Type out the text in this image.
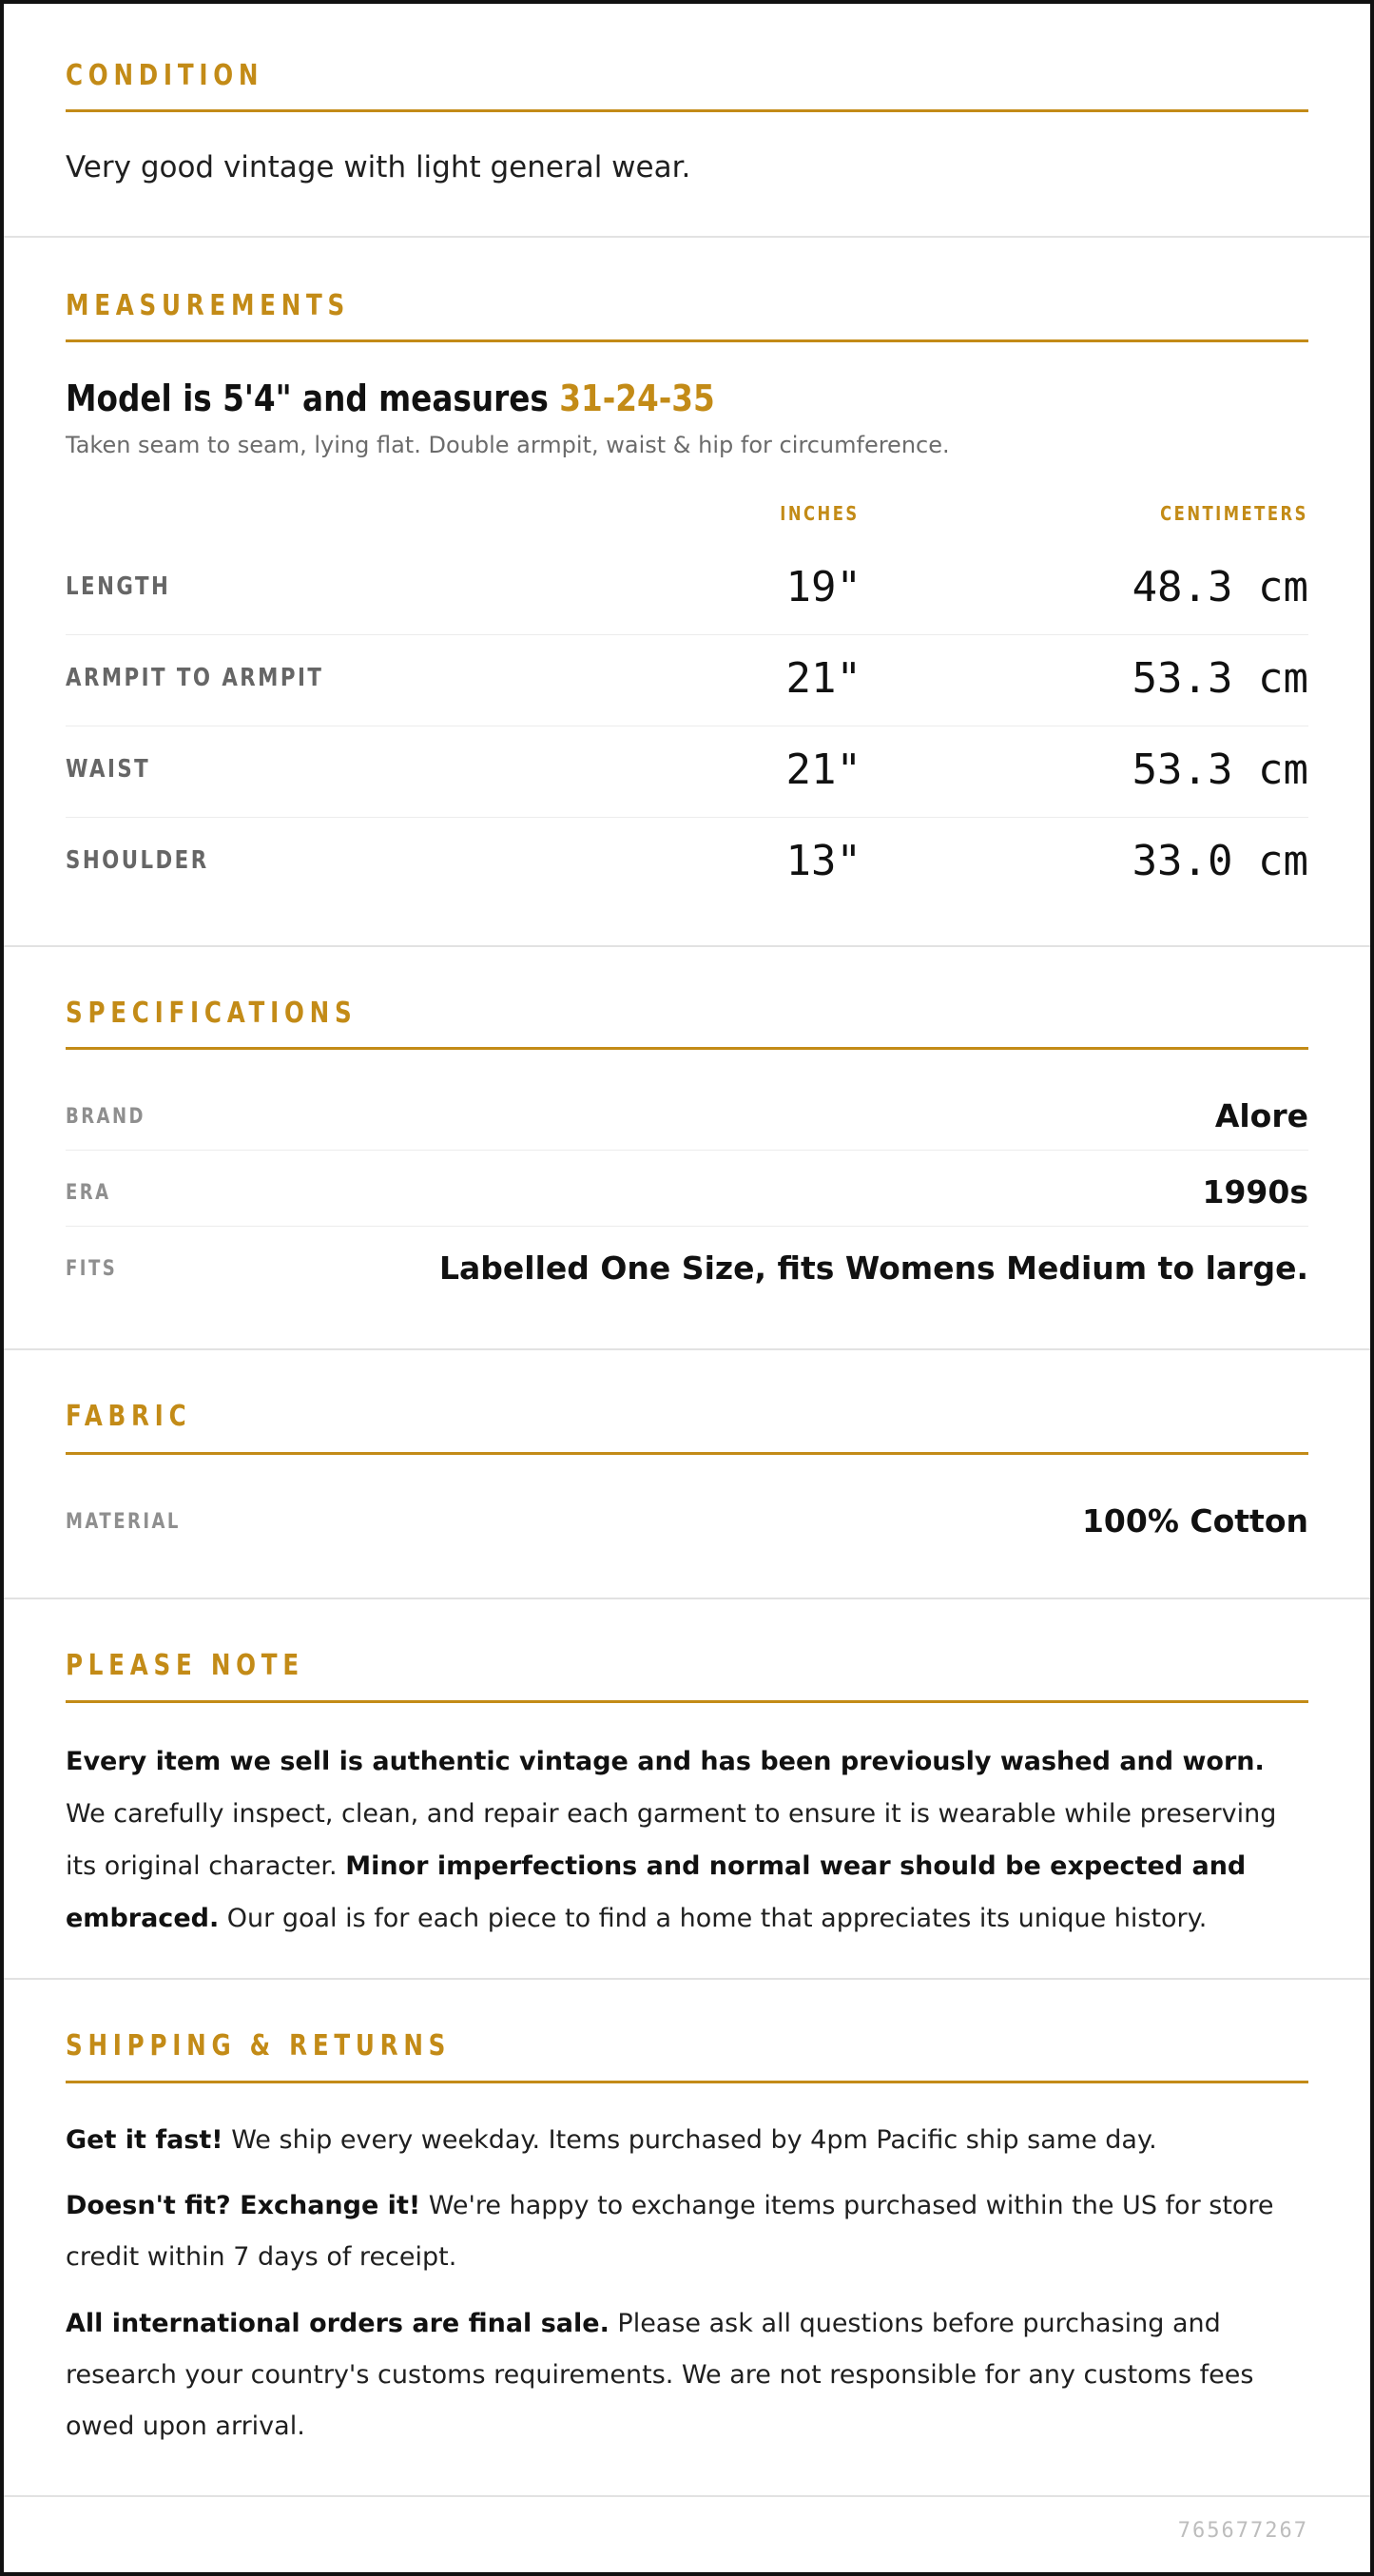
CONDITION
Very good vintage with light general wear.
MEASUREMENTS
Model is 5'4" and measures 31-24-35
Taken seam to seam, lying flat. Double armpit, waist & hip for circumference.
INCHES	CENTIMETERS
LENGTH	19"	48.3 cm
ARMPIT TO ARMPIT	21"	53.3 cm
WAIST	21"	53.3 cm
SHOULDER	13"	33.0 cm
SPECIFICATIONS
BRAND	Alore
ERA	1990s
FITS	Labelled One Size, fits Womens Medium to large.
FABRIC
MATERIAL	100% Cotton
PLEASE NOTE
Every item we sell is authentic vintage and has been previously washed and worn. We carefully inspect, clean, and repair each garment to ensure it is wearable while preserving its original character. Minor imperfections and normal wear should be expected and embraced. Our goal is for each piece to find a home that appreciates its unique history.
SHIPPING & RETURNS
Get it fast! We ship every weekday. Items purchased by 4pm Pacific ship same day.
Doesn't fit? Exchange it! We're happy to exchange items purchased within the US for store credit within 7 days of receipt.
All international orders are final sale. Please ask all questions before purchasing and research your country's customs requirements. We are not responsible for any customs fees owed upon arrival.
765677267
